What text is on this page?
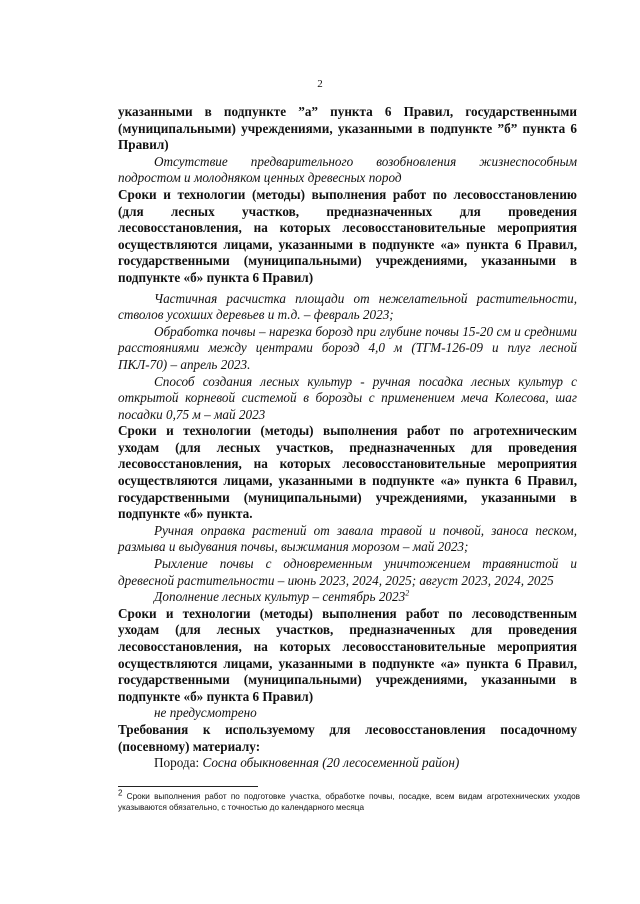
2

указанными в подпункте ”а” пункта 6 Правил, государственными (муниципальными) учреждениями, указанными в подпункте ”б” пункта 6 Правил)

Отсутствие предварительного возобновления жизнеспособным подростом и молодняком ценных древесных пород

Сроки и технологии (методы) выполнения работ по лесовосстановлению (для лесных участков, предназначенных для проведения лесовосстановления, на которых лесовосстановительные мероприятия осуществляются лицами, указанными в подпункте «а» пункта 6 Правил, государственными (муниципальными) учреждениями, указанными в подпункте «б» пункта 6 Правил)

Частичная расчистка площади от нежелательной растительности, стволов усохших деревьев и т.д. – февраль 2023;

Обработка почвы – нарезка борозд при глубине почвы 15-20 см и средними расстояниями между центрами борозд 4,0 м (ТГМ-126-09 и плуг лесной ПКЛ-70) – апрель 2023.

Способ создания лесных культур - ручная посадка лесных культур с открытой корневой системой в борозды с применением меча Колесова, шаг посадки 0,75 м – май 2023

Сроки и технологии (методы) выполнения работ по агротехническим уходам (для лесных участков, предназначенных для проведения лесовосстановления, на которых лесовосстановительные мероприятия осуществляются лицами, указанными в подпункте «а» пункта 6 Правил, государственными (муниципальными) учреждениями, указанными в подпункте «б» пункта.

Ручная оправка растений от завала травой и почвой, заноса песком, размыва и выдувания почвы, выжимания морозом – май 2023;

Рыхление почвы с одновременным уничтожением травянистой и древесной растительности – июнь 2023, 2024, 2025; август 2023, 2024, 2025

Дополнение лесных культур – сентябрь 2023$^2$

Сроки и технологии (методы) выполнения работ по лесоводственным уходам (для лесных участков, предназначенных для проведения лесовосстановления, на которых лесовосстановительные мероприятия осуществляются лицами, указанными в подпункте «а» пункта 6 Правил, государственными (муниципальными) учреждениями, указанными в подпункте «б» пункта 6 Правил)

не предусмотрено

Требования к используемому для лесовосстановления посадочному (посевному) материалу:

Порода: Сосна обыкновенная (20 лесосеменной район)

$^2$ Сроки выполнения работ по подготовке участка, обработке почвы, посадке, всем видам агротехнических уходов указываются обязательно, с точностью до календарного месяца
